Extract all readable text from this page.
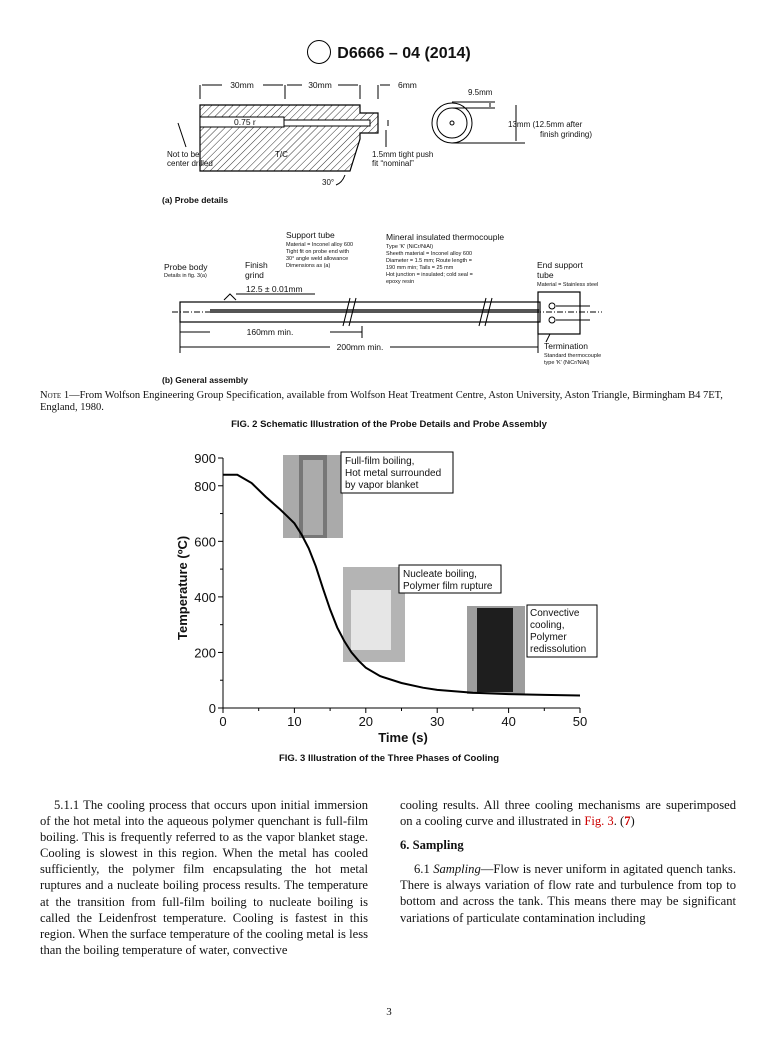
D6666 – 04 (2014)
30mm	30mm	6mm
0.75 r
Not to be
center drilled
T/C	1.5mm tight push
fit “nominal”
30°
9.5mm
13mm (12.5mm after
finish grinding)
(a) Probe details
Support tube
Material = Inconel alloy 600
Tight fit on probe end with
30° angle weld allowance
Dimensions as (a)
Mineral insulated thermocouple
Type 'K' (NiCr/NiAl)
Sheeth material = Inconel alloy 600
Diameter = 1.5 mm; Route length =
190 mm min; Tails = 25 mm
Hot junction = insulated; cold seal =
epoxy resin
Probe body
Details in fig. 3(a)
Finish
grind
12.5 ± 0.01mm
End support
tube
Material = Stainless steel
160mm min.
200mm min.	Termination
Standard thermocouple
type 'K' (NiCr/NiAl)
(b) General assembly
Note 1—From Wolfson Engineering Group Specification, available from Wolfson Heat Treatment Centre, Aston University, Aston Triangle, Birmingham B4 7ET, England, 1980.
FIG. 2 Schematic Illustration of the Probe Details and Probe Assembly
0	10	20	30	40	50
0
200
400
600
800
900
Temperature (ºC)
Time (s)
Full-film boiling,
Hot metal surrounded
by vapor blanket
Nucleate boiling,
Polymer film rupture
Convective
cooling,
Polymer
redissolution
FIG. 3 Illustration of the Three Phases of Cooling

5.1.1 The cooling process that occurs upon initial immersion of the hot metal into the aqueous polymer quenchant is full-film boiling. This is frequently referred to as the vapor blanket stage. Cooling is slowest in this region. When the metal has cooled sufficiently, the polymer film encapsulating the hot metal ruptures and a nucleate boiling process results. The temperature at the transition from full-film boiling to nucleate boiling is called the Leidenfrost temperature. Cooling is fastest in this region. When the surface temperature of the cooling metal is less than the boiling temperature of water, convective

cooling results. All three cooling mechanisms are superimposed on a cooling curve and illustrated in Fig. 3. (7)

6. Sampling

6.1 Sampling—Flow is never uniform in agitated quench tanks. There is always variation of flow rate and turbulence from top to bottom and across the tank. This means there may be significant variations of particulate contamination including

3
